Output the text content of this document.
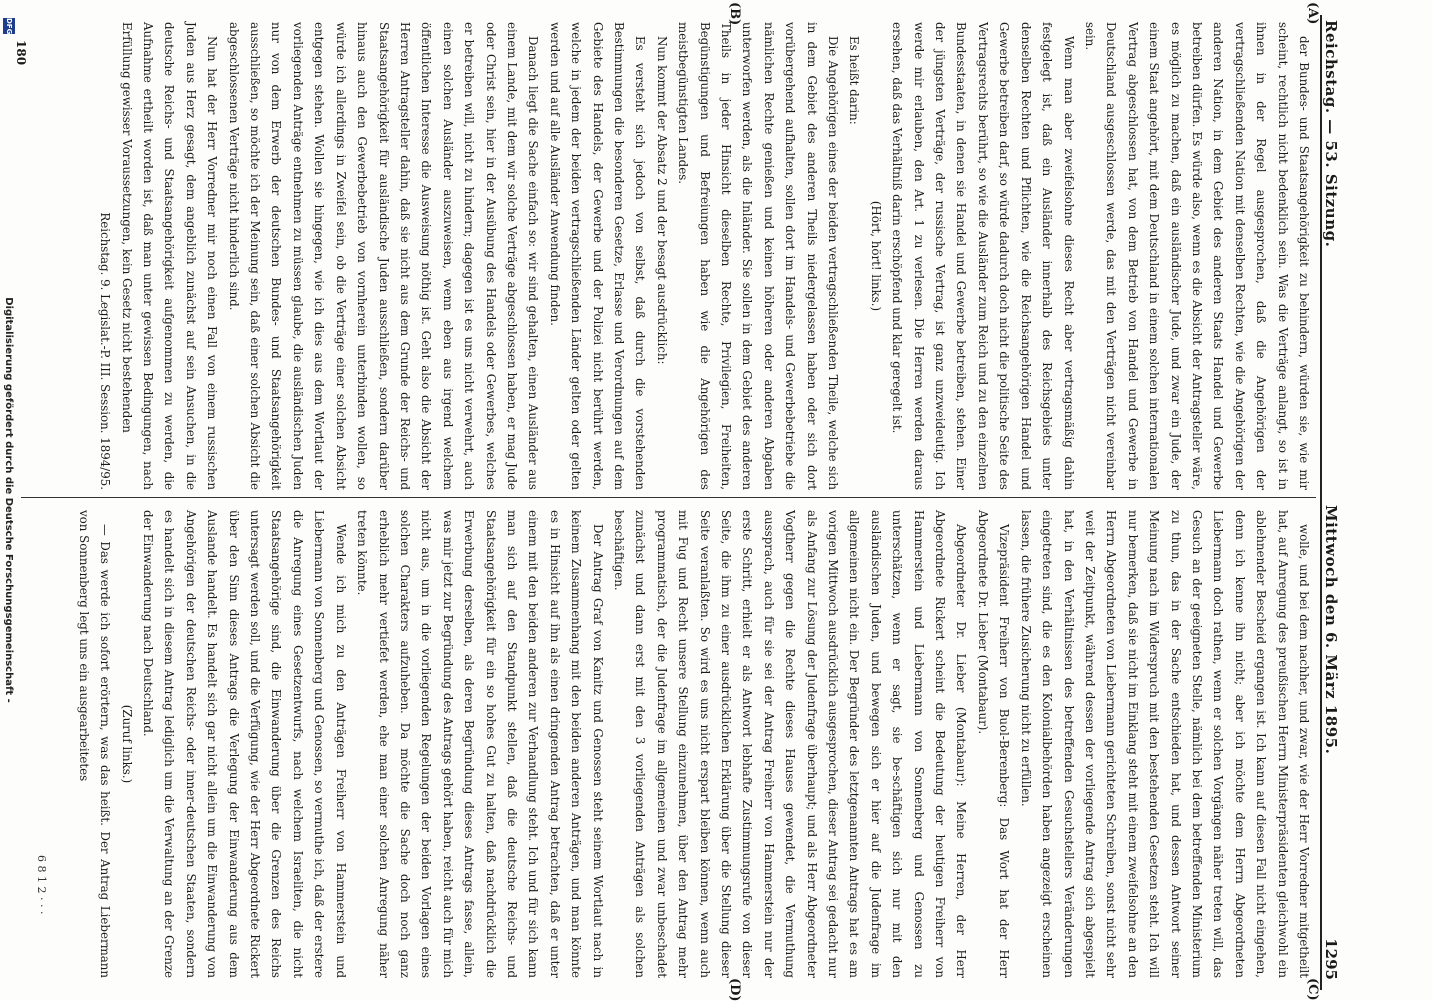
Reichstag. — 53. Sitzung.
Mittwoch den 6. März 1895.
1295
(A)
(B)
(C)
(D)

der Bundes- und Staatsangehörigkeit zu behindern, würden sie, wie mir scheint, rechtlich nicht bedenklich sein. Was die Verträge anlangt, so ist in ihnen in der Regel ausgesprochen, daß die Angehörigen der vertragschließenden Nation mit denselben Rechten, wie die Angehörigen der anderen Nation, in dem Gebiet des anderen Staats Handel und Gewerbe betreiben dürfen. Es würde also, wenn es die Absicht der Antragsteller wäre, es möglich zu machen, daß ein ausländischer Jude, und zwar ein Jude, der einem Staat angehört, mit dem Deutschland in einem solchen internationalen Vertrag abgeschlossen hat, von dem Betrieb von Handel und Gewerbe in Deutschland ausgeschlossen werde, das mit den Verträgen nicht vereinbar sein.

Wenn man aber zweifelsohne dieses Recht aber vertragsmäßig dahin festgelegt ist, daß ein Ausländer innerhalb des Reichsgebiets unter denselben Rechten und Pflichten, wie die Reichsangehörigen Handel und Gewerbe betreiben darf, so würde dadurch doch nicht die politische Seite des Vertragsrechts berührt, so wie die Ausländer zum Reich und zu den einzelnen Bundesstaaten, in denen sie Handel und Gewerbe betreiben, stehen. Einer der jüngsten Verträge, der russische Vertrag, ist ganz unzweideutig. Ich werde mir erlauben, den Art. 1 zu verlesen. Die Herren werden daraus ersehen, daß das Verhältniß darin erschöpfend und klar geregelt ist.

(Hört, hört! links.)

Es heißt darin:

Die Angehörigen eines der beiden vertragschließenden Theile, welche sich in dem Gebiet des anderen Theils niedergelassen haben oder sich dort vorübergehend aufhalten, sollen dort im Handels- und Gewerbebetriebe die nämlichen Rechte genießen und keinen höheren oder anderen Abgaben unterworfen werden, als die Inländer. Sie sollen in dem Gebiet des anderen Theils in jeder Hinsicht dieselben Rechte, Privilegien, Freiheiten, Begünstigungen und Befreiungen haben wie die Angehörigen des meistbegünstigten Landes.

Nun kommt der Absatz 2 und der besagt ausdrücklich:

Es versteht sich jedoch von selbst, daß durch die vorstehenden Bestimmungen die besonderen Gesetze, Erlasse und Verordnungen auf dem Gebiete des Handels, der Gewerbe und der Polizei nicht berührt werden, welche in jedem der beiden vertragschließenden Länder gelten oder gelten werden und auf alle Ausländer Anwendung finden.

Danach liegt die Sache einfach so: wir sind gehalten, einen Ausländer aus einem Lande, mit dem wir solche Verträge abgeschlossen haben, er mag Jude oder Christ sein, hier in der Ausübung des Handels oder Gewerbes, welches er betreiben will, nicht zu hindern; dagegen ist es uns nicht verwehrt, auch einen solchen Ausländer auszuweisen, wenn eben aus irgend welchem öffentlichen Interesse die Ausweisung nöthig ist. Geht also die Absicht der Herren Antragsteller dahin, daß sie nicht aus dem Grunde der Reichs- und Staatsangehörigkeit für ausländische Juden ausschließen, sondern darüber hinaus auch den Gewerbebetrieb von vornherein unterbinden wollen, so würde ich allerdings in Zweifel sein, ob die Verträge einer solchen Absicht entgegen stehen. Wollen sie hingegen, wie ich dies aus dem Wortlaut der vorliegenden Anträge entnehmen zu müssen glaube, die ausländischen Juden nur von dem Erwerb der deutschen Bundes- und Staatsangehörigkeit ausschließen, so möchte ich der Meinung sein, daß einer solchen Absicht die abgeschlossenen Verträge nicht hinderlich sind.

Nun hat der Herr Vorredner mir noch einen Fall von einem russischen Juden aus Herz gesagt, dem angeblich zunächst auf sein Ansuchen, in die deutsche Reichs- und Staatsangehörigkeit aufgenommen zu werden, die Aufnahme ertheilt worden ist, daß man unter gewissen Bedingungen, nach Erfüllung gewisser Voraussetzungen, kein Gesetz nicht bestehenden

Reichstag. 9. Legislat.-P. III. Session. 1894/95.

wolle, und bei dem nachher, und zwar, wie der Herr Vorredner mitgetheilt hat, auf Anregung des preußischen Herrn Ministerpräsidenten gleichwohl ein ablehnender Bescheid ergangen ist. Ich kann auf diesen Fall nicht eingehen, denn ich kenne ihn nicht; aber ich möchte dem Herrn Abgeordneten Liebermann doch rathen, wenn er solchen Vorgängen näher treten will, das Gesuch an der geeigneten Stelle, nämlich bei dem betreffenden Ministerium zu thun, das in der Sache entschieden hat, und dessen Antwort seiner Meinung nach im Widerspruch mit den bestehenden Gesetzen steht. Ich will nur bemerken, daß sie nicht im Einklang steht mit einem zweifelsohne an den Herrn Abgeordneten von Liebermann gerichteten Schreiben, sonst nicht sehr weit der Zeitpunkt, während dessen der vorliegende Antrag sich abgespielt hat, in den Verhältnissen des betreffenden Gesuchstellers Veränderungen eingetreten sind, die es den Kolonialbehörden haben angezeigt erscheinen lassen, die frühere Zusicherung nicht zu erfüllen.

Vizepräsident Freiherr von Buol-Berenberg: Das Wort hat der Herr Abgeordnete Dr. Lieber (Montabaur).

Abgeordneter Dr. Lieber (Montabaur): Meine Herren, der Herr Abgeordnete Rickert scheint die Bedeutung der heutigen Freiherr von Hammerstein und Liebermann von Sonnenberg und Genossen zu unterschätzen, wenn er sagt, sie be-schäftigen sich nur mit den ausländischen Juden, und bewegen sich er hier auf die Judenfrage im allgemeinen nicht ein. Der Begründer des letztgenannten Antrags hat es am vorigen Mittwoch ausdrücklich ausgesprochen, dieser Antrag sei gedacht nur als Anfang zur Lösung der Judenfrage überhaupt; und als Herr Abgeordneter Vogtherr gegen die Rechte dieses Hauses gewendet, die Vermuthung aussprach, auch für sie sei der Antrag Freiherr von Hammerstein nur der erste Schritt, erhielt er als Antwort lebhafte Zustimmungsrufe von dieser Seite, die ihm zu einer ausdrücklichen Erklärung über die Stellung dieser Seite veranlaßten. So wird es uns nicht erspart bleiben können, wenn auch mit Fug und Recht unsere Stellung einzunehmen, über den Antrag mehr programmatisch, der die Judenfrage im allgemeinen und zwar unbeschadet zunächst und dann erst mit den 3 vorliegenden Anträgen als solchen beschäftigen.

Der Antrag Graf von Kanitz und Genossen steht seinem Wortlaut nach in keinem Zusammenhang mit den beiden anderen Anträgen, und man könnte es in Hinsicht auf ihn als einen dringenden Antrag betrachten, daß er unter einem mit den beiden anderen zur Verhandlung steht. Ich und für sich kann man sich auf den Standpunkt stellen, daß die deutsche Reichs- und Staatsangehörigkeit für ein so hohes Gut zu halten, daß nachdrücklich die Erwerbung derselben, als deren Begründung dieses Antrags fasse, allein, was mir jetzt zur Begründung des Antrags gehört haben, reicht auch für mich nicht aus, um in die vorliegenden Regelungen der beiden Vorlagen eines solchen Charakters aufzuheben. Da möchte die Sache doch noch ganz erheblich mehr vertiefet werden, ehe man einer solchen Anregung näher treten könnte.

Wende ich mich zu den Anträgen Freiherr von Hammerstein und Liebermann von Sonnenberg und Genossen, so vermuthe ich, daß der erstere die Anregung eines Gesetzentwurfs, nach welchem Israeliten, die nicht Staatsangehörige sind, die Einwanderung über die Grenzen des Reichs untersagt werden soll, und die Verfügung, wie der Herr Abgeordnete Rickert über den Sinn dieses Antrags die Verlegung der Einwanderung aus dem Auslande handelt. Es handelt sich gar nicht allein um die Einwanderung von Angehörigen der deutschen Reichs- oder inner-deutschen Staaten, sondern es handelt sich in diesem Antrag lediglich um die Verwaltung an der Grenze der Einwanderung nach Deutschland.

(Zuruf links.)

— Das werde ich sofort erörtern, was das heißt. Der Antrag Liebermann von Sonnenberg legt uns ein ausgearbeitetes

6 8 1 2 · · ·
180
DFG
Digitalisierung gefördert durch die Deutsche Forschungsgemeinschaft -
